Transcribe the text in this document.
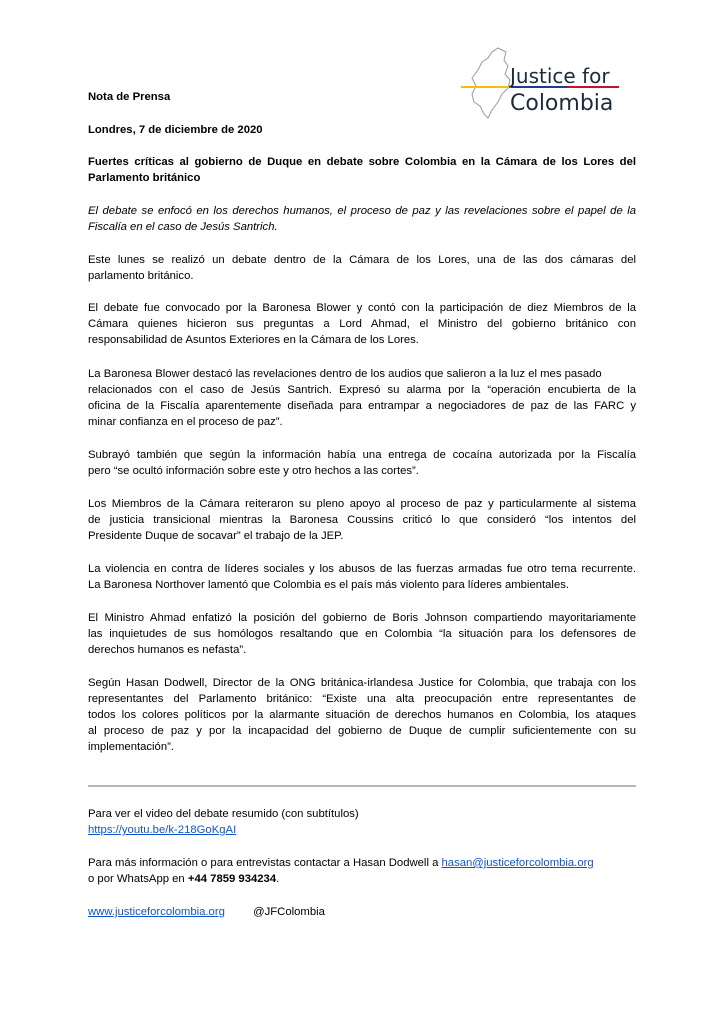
Justice for
Colombia
Nota de Prensa
Londres, 7 de diciembre de 2020
Fuertes críticas al gobierno de Duque en debate sobre Colombia en la Cámara de los Lores del
Parlamento británico
El debate se enfocó en los derechos humanos, el proceso de paz y las revelaciones sobre el papel de la
Fiscalía en el caso de Jesús Santrich.
Este lunes se realizó un debate dentro de la Cámara de los Lores, una de las dos cámaras del
parlamento británico.
El debate fue convocado por la Baronesa Blower y contó con la participación de diez Miembros de la
Cámara quienes hicieron sus preguntas a Lord Ahmad, el Ministro del gobierno británico con
responsabilidad de Asuntos Exteriores en la Cámara de los Lores.
La Baronesa Blower destacó las revelaciones dentro de los audios que salieron a la luz el mes pasado
relacionados con el caso de Jesús Santrich. Expresó su alarma por la “operación encubierta de la
oficina de la Fiscalía aparentemente diseñada para entrampar a negociadores de paz de las FARC y
minar confianza en el proceso de paz”.
Subrayó también que según la información había una entrega de cocaína autorizada por la Fiscalía
pero “se ocultó información sobre este y otro hechos a las cortes”.
Los Miembros de la Cámara reiteraron su pleno apoyo al proceso de paz y particularmente al sistema
de justicia transicional mientras la Baronesa Coussins criticó lo que consideró “los intentos del
Presidente Duque de socavar” el trabajo de la JEP.
La violencia en contra de líderes sociales y los abusos de las fuerzas armadas fue otro tema recurrente.
La Baronesa Northover lamentó que Colombia es el país más violento para líderes ambientales.
El Ministro Ahmad enfatizó la posición del gobierno de Boris Johnson compartiendo mayoritariamente
las inquietudes de sus homólogos resaltando que en Colombia “la situación para los defensores de
derechos humanos es nefasta”.
Según Hasan Dodwell, Director de la ONG británica-irlandesa Justice for Colombia, que trabaja con los
representantes del Parlamento británico: “Existe una alta preocupación entre representantes de
todos los colores políticos por la alarmante situación de derechos humanos en Colombia, los ataques
al proceso de paz y por la incapacidad del gobierno de Duque de cumplir suficientemente con su
implementación”.
Para ver el video del debate resumido (con subtítulos)
https://youtu.be/k-218GoKgAI
Para más información o para entrevistas contactar a Hasan Dodwell a hasan@justiceforcolombia.org
o por WhatsApp en +44 7859 934234.
www.justiceforcolombia.org	@JFColombia
